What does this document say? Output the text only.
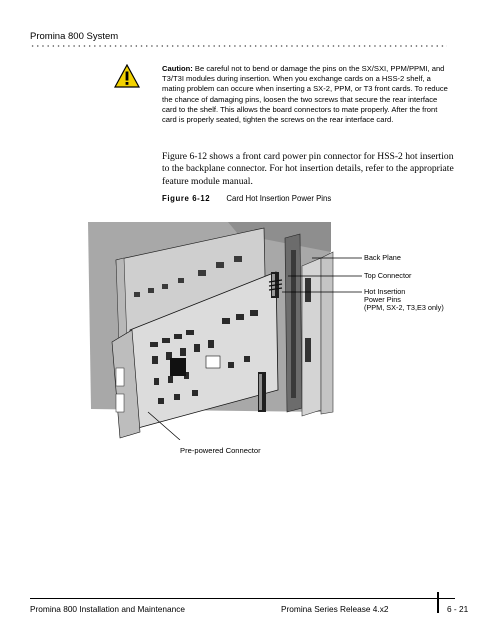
Promina 800 System
Caution: Be careful not to bend or damage the pins on the SX/SXI, PPM/PPMI, and T3/T3I modules during insertion. When you exchange cards on a HSS-2 shelf, a mating problem can occure when inserting a SX-2, PPM, or T3 front cards. To reduce the chance of damaging pins, loosen the two screws that secure the rear interface card to the shelf. This allows the board connectors to mate properly. After the front card is properly seated, tighten the screws on the rear interface card.
Figure 6-12 shows a front card power pin connector for HSS-2 hot insertion to the backplane connector. For hot insertion details, refer to the appropriate feature module manual.
Figure 6-12 Card Hot Insertion Power Pins
Back Plane
Top Connector
Hot Insertion
Power Pins
(PPM, SX-2, T3,E3 only)
Pre-powered Connector
Promina 800 Installation and Maintenance	Promina Series Release 4.x2	6 - 21
